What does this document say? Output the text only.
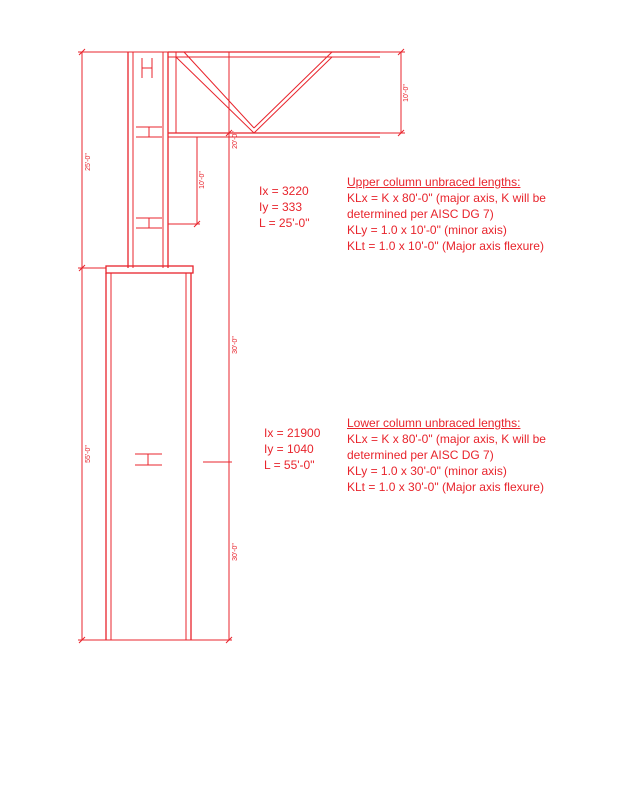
25'-0"
55'-0"
20'-0"
30'-0"
30'-0"
10'-0"
10'-0"
Ix = 3220
Iy = 333
L = 25'-0"
Upper column unbraced lengths:
KLx = K x 80'-0" (major axis, K will be
determined per AISC DG 7)
KLy = 1.0 x 10'-0" (minor axis)
KLt = 1.0 x 10'-0" (Major axis flexure)
Ix = 21900
Iy = 1040
L = 55'-0"
Lower column unbraced lengths:
KLx = K x 80'-0" (major axis, K will be
determined per AISC DG 7)
KLy = 1.0 x 30'-0" (minor axis)
KLt = 1.0 x 30'-0" (Major axis flexure)
